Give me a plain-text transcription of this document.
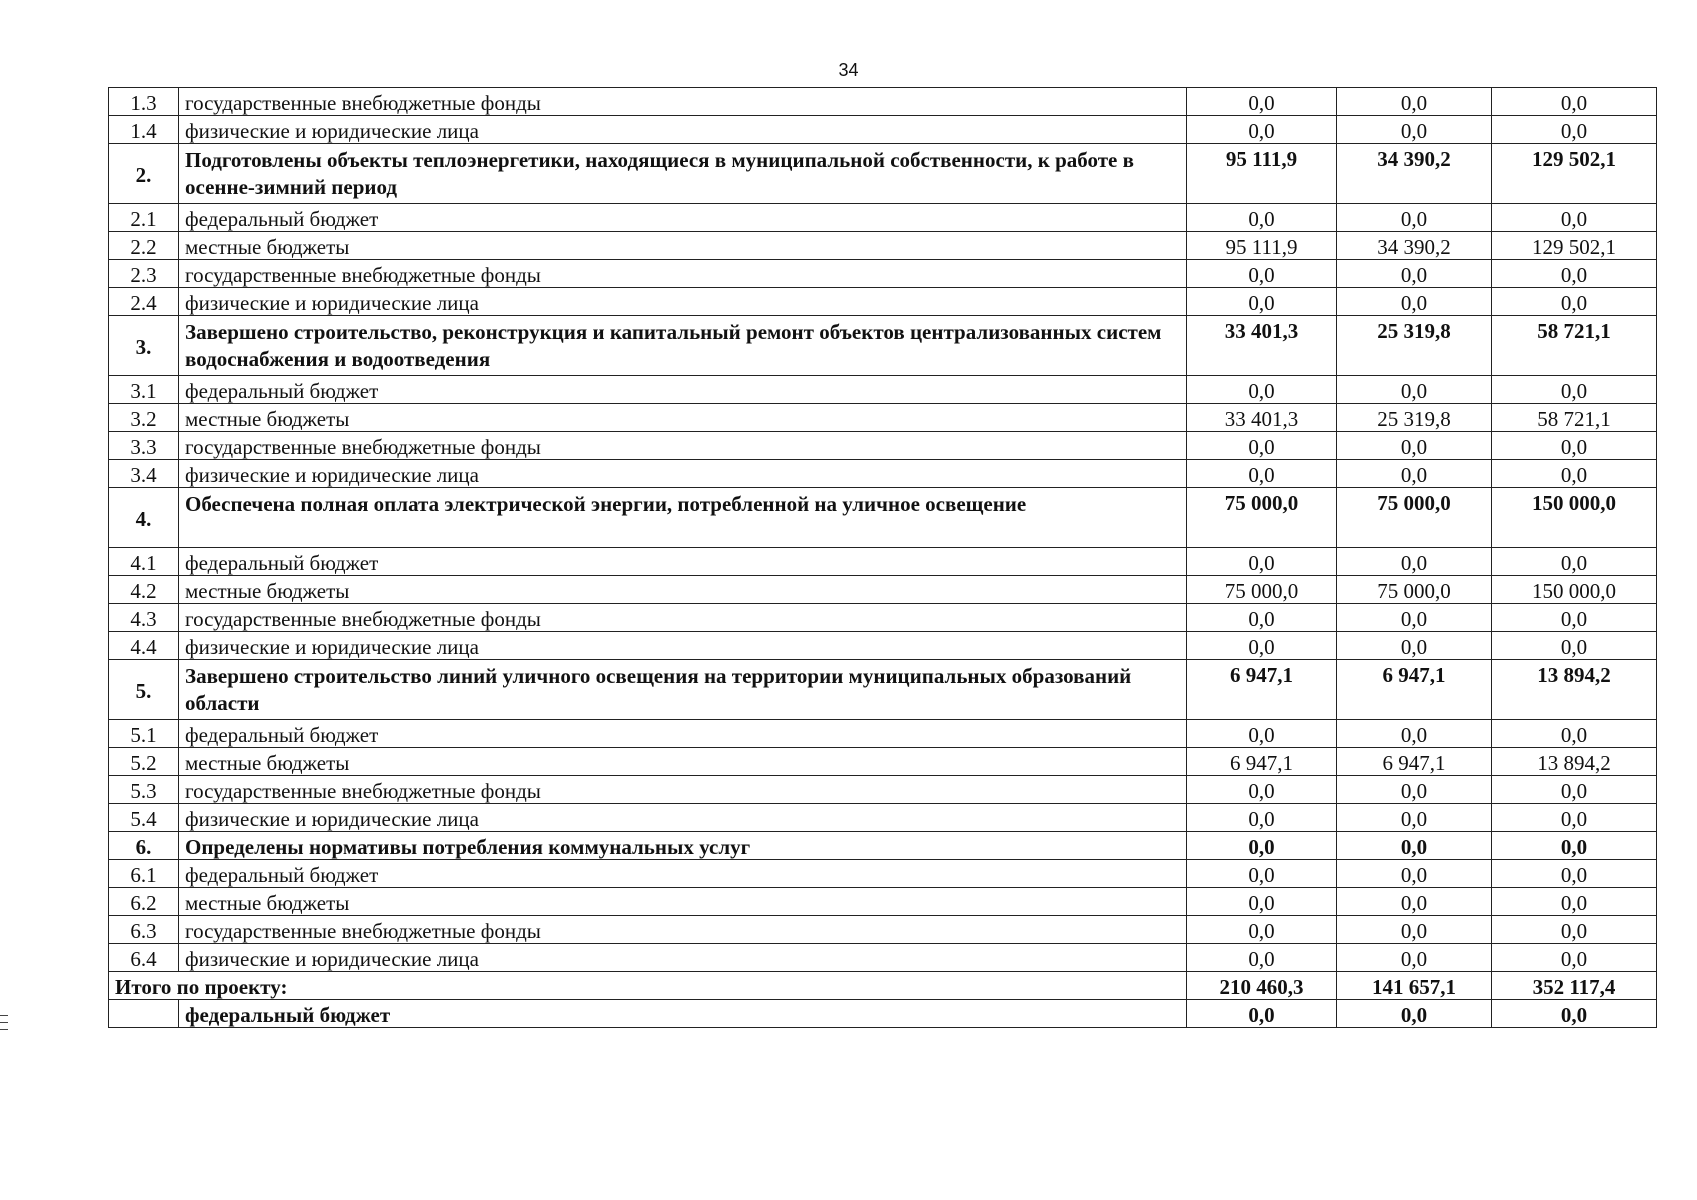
34
1.3	государственные внебюджетные фонды	0,0	0,0	0,0
1.4	физические и юридические лица	0,0	0,0	0,0
2.	Подготовлены объекты теплоэнергетики, находящиеся в муниципальной собственности, к работе в осенне-зимний период	95 111,9	34 390,2	129 502,1
2.1	федеральный бюджет	0,0	0,0	0,0
2.2	местные бюджеты	95 111,9	34 390,2	129 502,1
2.3	государственные внебюджетные фонды	0,0	0,0	0,0
2.4	физические и юридические лица	0,0	0,0	0,0
3.	Завершено строительство, реконструкция и капитальный ремонт объектов централизованных систем водоснабжения и водоотведения	33 401,3	25 319,8	58 721,1
3.1	федеральный бюджет	0,0	0,0	0,0
3.2	местные бюджеты	33 401,3	25 319,8	58 721,1
3.3	государственные внебюджетные фонды	0,0	0,0	0,0
3.4	физические и юридические лица	0,0	0,0	0,0
4.	Обеспечена полная оплата электрической энергии, потребленной на уличное освещение	75 000,0	75 000,0	150 000,0
4.1	федеральный бюджет	0,0	0,0	0,0
4.2	местные бюджеты	75 000,0	75 000,0	150 000,0
4.3	государственные внебюджетные фонды	0,0	0,0	0,0
4.4	физические и юридические лица	0,0	0,0	0,0
5.	Завершено строительство линий уличного освещения на территории муниципальных образований области	6 947,1	6 947,1	13 894,2
5.1	федеральный бюджет	0,0	0,0	0,0
5.2	местные бюджеты	6 947,1	6 947,1	13 894,2
5.3	государственные внебюджетные фонды	0,0	0,0	0,0
5.4	физические и юридические лица	0,0	0,0	0,0
6.	Определены нормативы потребления коммунальных услуг	0,0	0,0	0,0
6.1	федеральный бюджет	0,0	0,0	0,0
6.2	местные бюджеты	0,0	0,0	0,0
6.3	государственные внебюджетные фонды	0,0	0,0	0,0
6.4	физические и юридические лица	0,0	0,0	0,0
Итого по проекту:		210 460,3	141 657,1	352 117,4
	федеральный бюджет	0,0	0,0	0,0
